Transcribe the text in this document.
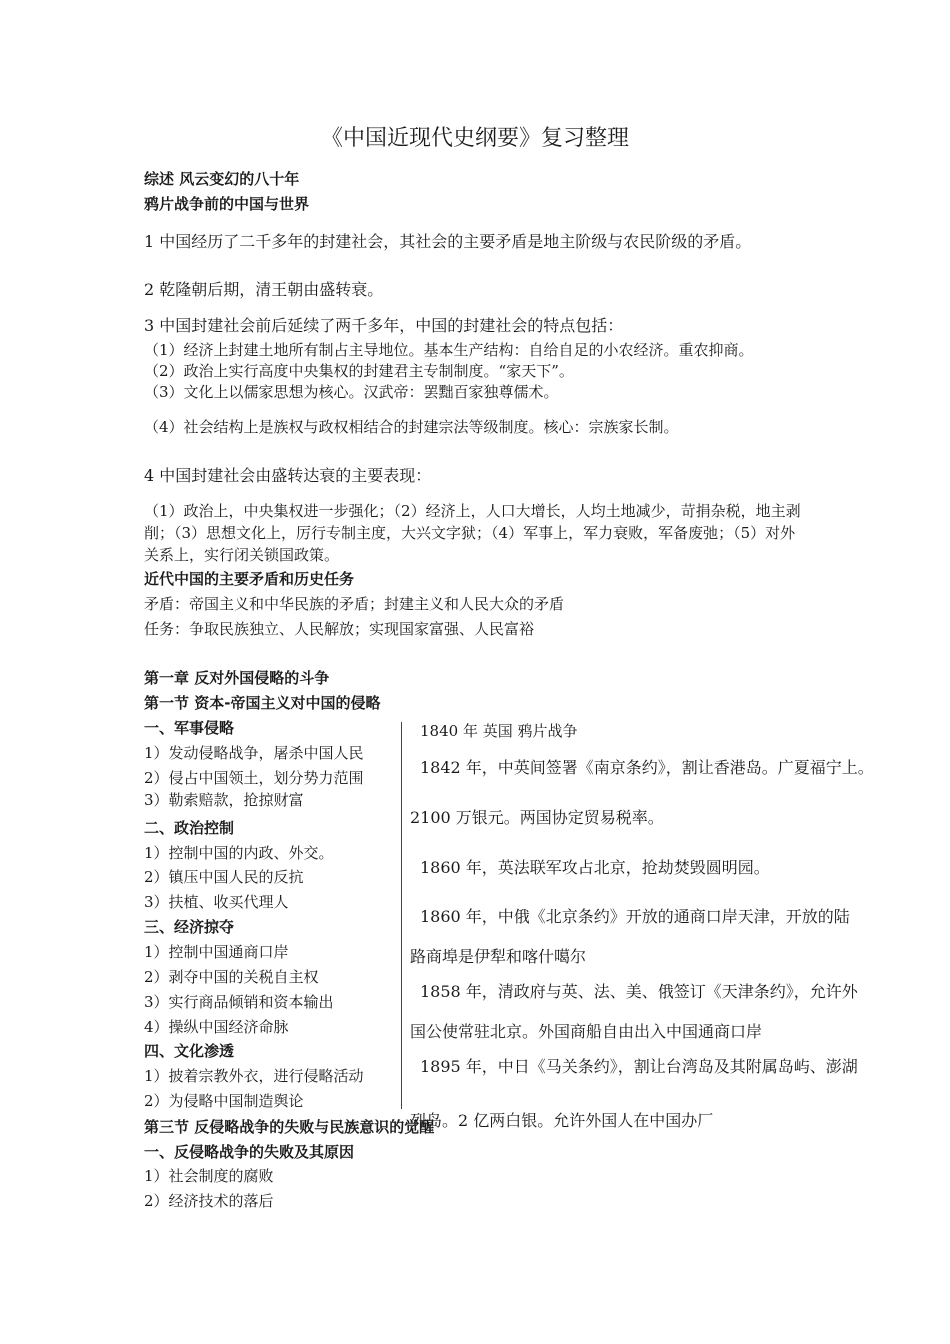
《中国近现代史纲要》复习整理
综述 风云变幻的八十年
鸦片战争前的中国与世界
1 中国经历了二千多年的封建社会，其社会的主要矛盾是地主阶级与农民阶级的矛盾。
2 乾隆朝后期，清王朝由盛转衰。
3 中国封建社会前后延续了两千多年，中国的封建社会的特点包括：
（1）经济上封建土地所有制占主导地位。基本生产结构：自给自足的小农经济。重农抑商。
（2）政治上实行高度中央集权的封建君主专制制度。“家天下”。
（3）文化上以儒家思想为核心。汉武帝：罢黜百家独尊儒术。
（4）社会结构上是族权与政权相结合的封建宗法等级制度。核心：宗族家长制。
4 中国封建社会由盛转达衰的主要表现：
（1）政治上，中央集权进一步强化；（2）经济上，人口大增长，人均土地减少，苛捐杂税，地主剥削；（3）思想文化上，厉行专制主度，大兴文字狱；（4）军事上，军力衰败，军备废弛；（5）对外关系上，实行闭关锁国政策。
近代中国的主要矛盾和历史任务
矛盾：帝国主义和中华民族的矛盾；封建主义和人民大众的矛盾
任务：争取民族独立、人民解放；实现国家富强、人民富裕
第一章 反对外国侵略的斗争
第一节 资本-帝国主义对中国的侵略
一、军事侵略
1）发动侵略战争，屠杀中国人民
2）侵占中国领土，划分势力范围
3）勒索赔款，抢掠财富
二、政治控制
1）控制中国的内政、外交。
2）镇压中国人民的反抗
3）扶植、收买代理人
三、经济掠夺
1）控制中国通商口岸
2）剥夺中国的关税自主权
3）实行商品倾销和资本输出
4）操纵中国经济命脉
四、文化渗透
1）披着宗教外衣，进行侵略活动
2）为侵略中国制造舆论
1840 年 英国 鸦片战争
1842 年，中英间签署《南京条约》，割让香港岛。广夏福宁上。
2100 万银元。两国协定贸易税率。
1860 年，英法联军攻占北京，抢劫焚毁圆明园。
1860 年，中俄《北京条约》开放的通商口岸天津，开放的陆
路商埠是伊犁和喀什噶尔
1858 年，清政府与英、法、美、俄签订《天津条约》，允许外
国公使常驻北京。外国商船自由出入中国通商口岸
1895 年，中日《马关条约》，割让台湾岛及其附属岛屿、澎湖
列岛。2 亿两白银。允许外国人在中国办厂
第三节 反侵略战争的失败与民族意识的觉醒
一、反侵略战争的失败及其原因
1）社会制度的腐败
2）经济技术的落后
